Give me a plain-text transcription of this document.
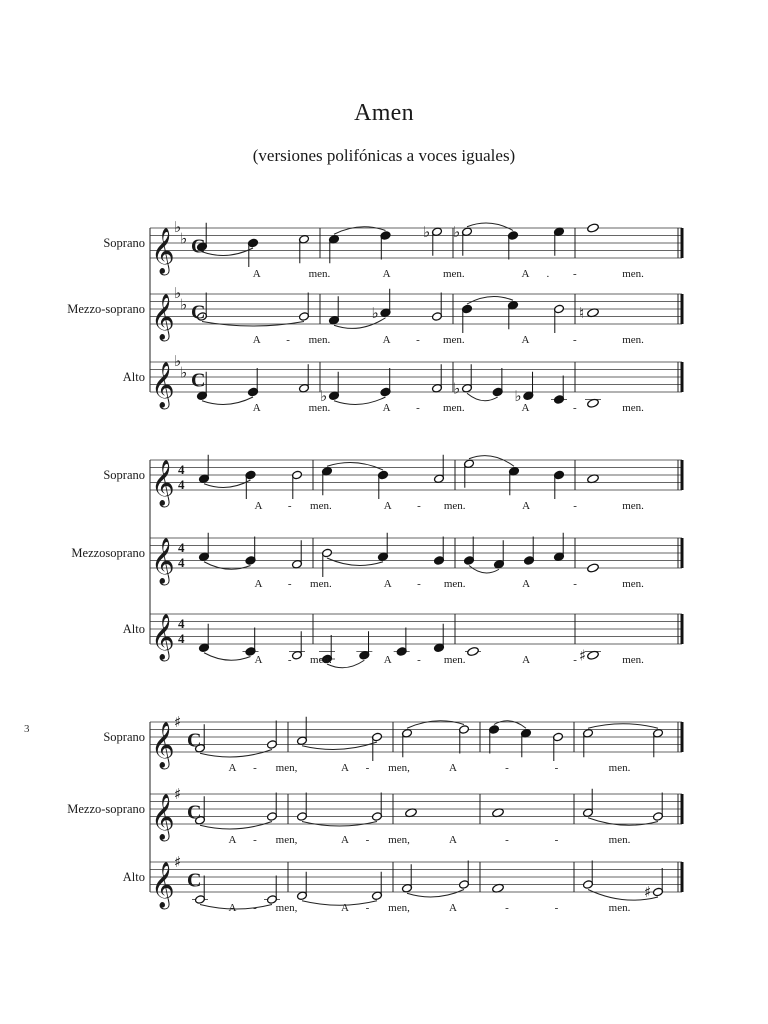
Amen
(versiones polifónicas a voces iguales)
Soprano 𝄞
♭
♭ C
♭ ♭
A	men.	A	men.	A . -	men.
Mezzo-soprano 𝄞
♭
♭ C	♭	♮
A - men.	A - men.	A	-	men.
Alto 𝄞
♭
♭ C
♭	♭	♭
A	men.	A - men.	A	-	men.
Soprano 𝄞 4
4
A - men.	A - men.	A	-	men.
Mezzosoprano 𝄞 4
4
A - men.	A - men.	A	-	men.
Alto 𝄞 4
4
♯
A - men.	A - men.	A	-	men.
3
Soprano 𝄞 ♯
C
A - men,	A - men,	A	-	-	men.
Mezzo-soprano 𝄞 ♯
C
A - men,	A - men,	A	-	-	men.
Alto 𝄞 ♯
C
♯
A - men,	A - men,	A	-	-	men.
